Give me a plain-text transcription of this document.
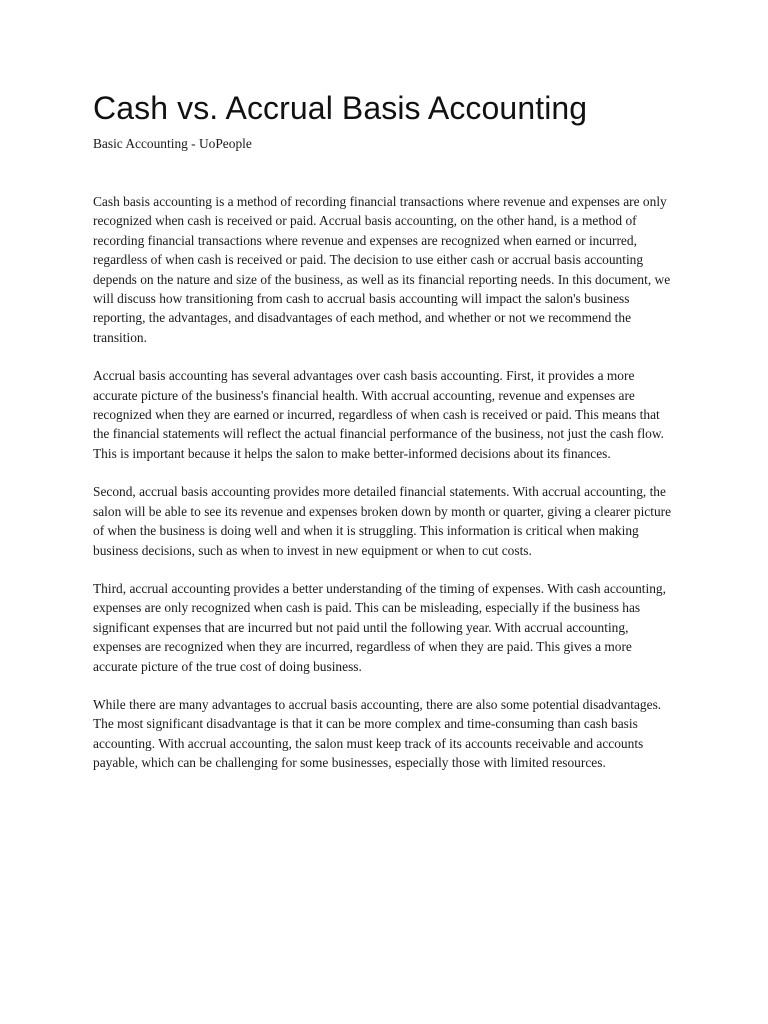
Cash vs. Accrual Basis Accounting

Basic Accounting - UoPeople

Cash basis accounting is a method of recording financial transactions where revenue and expenses are only recognized when cash is received or paid. Accrual basis accounting, on the other hand, is a method of recording financial transactions where revenue and expenses are recognized when earned or incurred, regardless of when cash is received or paid. The decision to use either cash or accrual basis accounting depends on the nature and size of the business, as well as its financial reporting needs. In this document, we will discuss how transitioning from cash to accrual basis accounting will impact the salon's business reporting, the advantages, and disadvantages of each method, and whether or not we recommend the transition.

Accrual basis accounting has several advantages over cash basis accounting. First, it provides a more accurate picture of the business's financial health. With accrual accounting, revenue and expenses are recognized when they are earned or incurred, regardless of when cash is received or paid. This means that the financial statements will reflect the actual financial performance of the business, not just the cash flow. This is important because it helps the salon to make better-informed decisions about its finances.

Second, accrual basis accounting provides more detailed financial statements. With accrual accounting, the salon will be able to see its revenue and expenses broken down by month or quarter, giving a clearer picture of when the business is doing well and when it is struggling. This information is critical when making business decisions, such as when to invest in new equipment or when to cut costs.

Third, accrual accounting provides a better understanding of the timing of expenses. With cash accounting, expenses are only recognized when cash is paid. This can be misleading, especially if the business has significant expenses that are incurred but not paid until the following year. With accrual accounting, expenses are recognized when they are incurred, regardless of when they are paid. This gives a more accurate picture of the true cost of doing business.

While there are many advantages to accrual basis accounting, there are also some potential disadvantages. The most significant disadvantage is that it can be more complex and time-consuming than cash basis accounting. With accrual accounting, the salon must keep track of its accounts receivable and accounts payable, which can be challenging for some businesses, especially those with limited resources.
